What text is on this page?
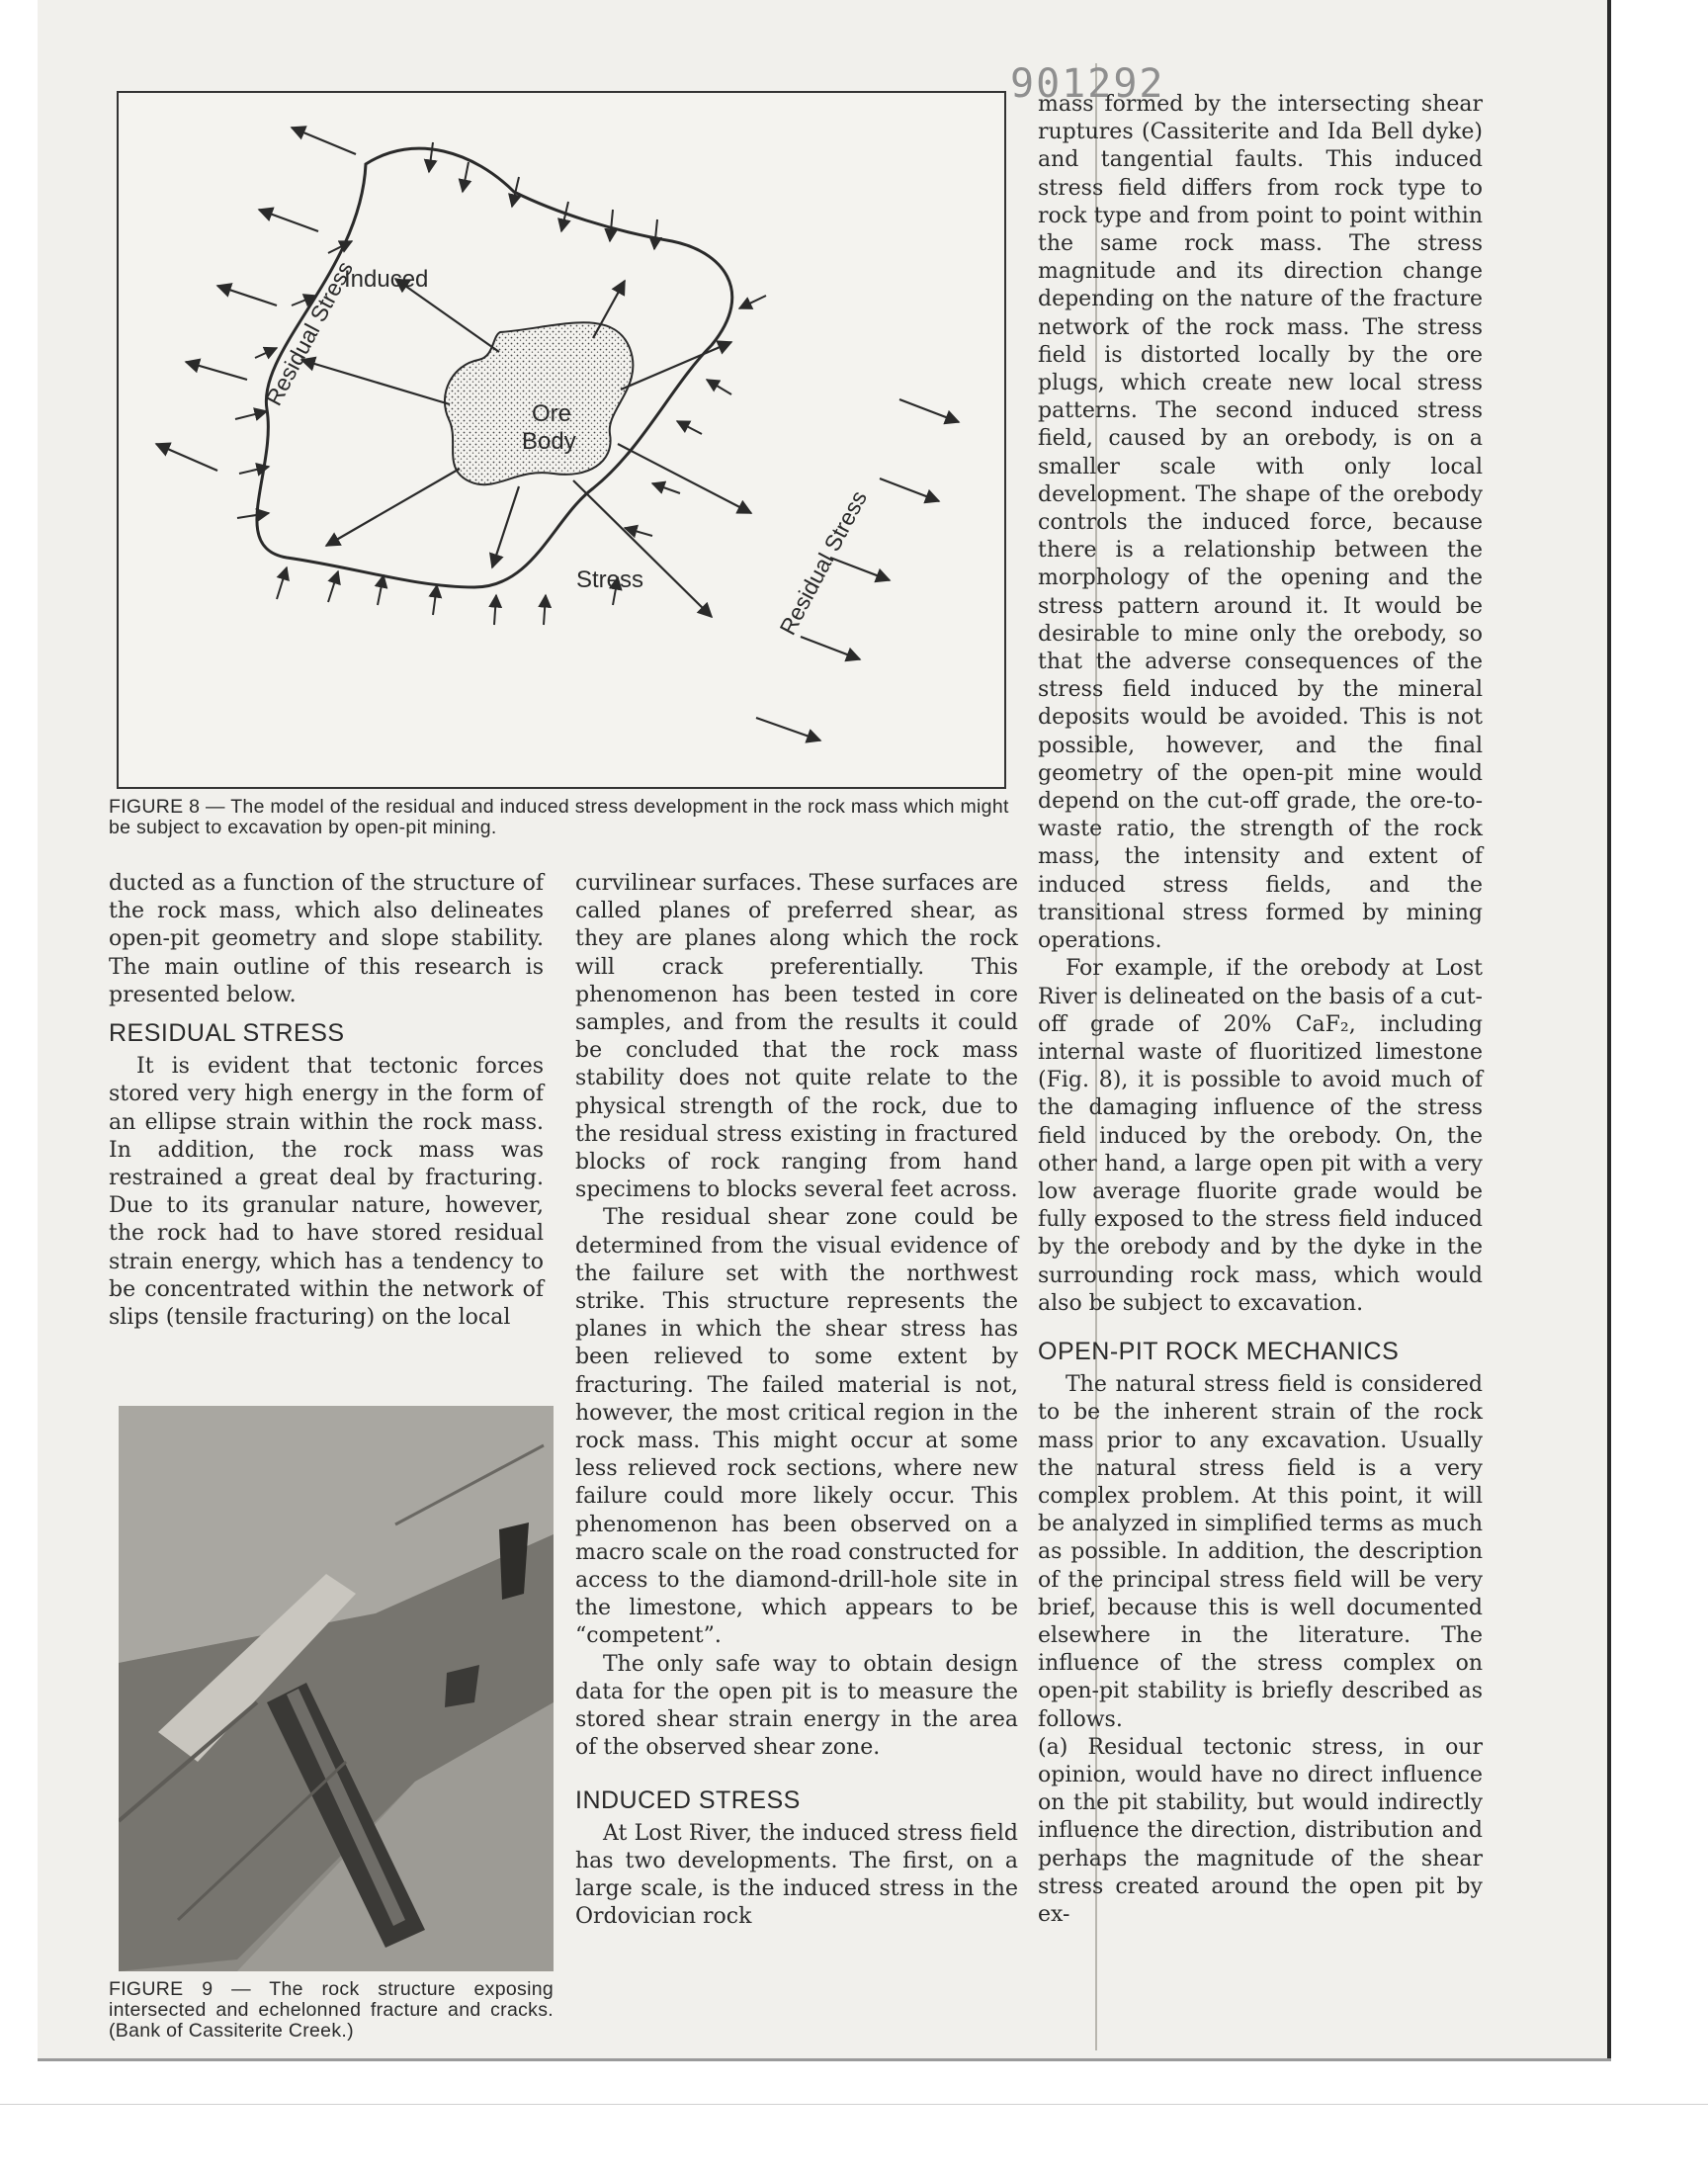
901292
Residual Stress
Residual Stress
Induced
Ore
Body
Stress
FIGURE 8 — The model of the residual and induced stress development in the rock mass which might be subject to excavation by open-pit mining.
FIGURE 9 — The rock structure exposing intersected and echelonned fracture and cracks. (Bank of Cassiterite Creek.)

ducted as a function of the structure of the rock mass, which also delineates open-pit geometry and slope stability. The main outline of this research is presented below.

RESIDUAL STRESS

It is evident that tectonic forces stored very high energy in the form of an ellipse strain within the rock mass. In addition, the rock mass was restrained a great deal by fracturing. Due to its granular nature, however, the rock had to have stored residual strain energy, which has a tendency to be concentrated within the network of slips (tensile fracturing) on the local

curvilinear surfaces. These surfaces are called planes of preferred shear, as they are planes along which the rock will crack preferentially. This phenomenon has been tested in core samples, and from the results it could be concluded that the rock mass stability does not quite relate to the physical strength of the rock, due to the residual stress existing in fractured blocks of rock ranging from hand specimens to blocks several feet across.

The residual shear zone could be determined from the visual evidence of the failure set with the northwest strike. This structure represents the planes in which the shear stress has been relieved to some extent by fracturing. The failed material is not, however, the most critical region in the rock mass. This might occur at some less relieved rock sections, where new failure could more likely occur. This phenomenon has been observed on a macro scale on the road constructed for access to the diamond-drill-hole site in the limestone, which appears to be “competent”.

The only safe way to obtain design data for the open pit is to measure the stored shear strain energy in the area of the observed shear zone.

INDUCED STRESS

At Lost River, the induced stress field has two developments. The first, on a large scale, is the induced stress in the Ordovician rock

mass formed by the intersecting shear ruptures (Cassiterite and Ida Bell dyke) and tangential faults. This induced stress field differs from rock type to rock type and from point to point within the same rock mass. The stress magnitude and its direction change depending on the nature of the fracture network of the rock mass. The stress field is distorted locally by the ore plugs, which create new local stress patterns. The second induced stress field, caused by an orebody, is on a smaller scale with only local development. The shape of the orebody controls the induced force, because there is a relationship between the morphology of the opening and the stress pattern around it. It would be desirable to mine only the orebody, so that the adverse consequences of the stress field induced by the mineral deposits would be avoided. This is not possible, however, and the final geometry of the open-pit mine would depend on the cut-off grade, the ore-to-waste ratio, the strength of the rock mass, the intensity and extent of induced stress fields, and the transitional stress formed by mining operations.

For example, if the orebody at Lost River is delineated on the basis of a cut-off grade of 20% CaF₂, including internal waste of fluoritized limestone (Fig. 8), it is possible to avoid much of the damaging influence of the stress field induced by the orebody. On, the other hand, a large open pit with a very low average fluorite grade would be fully exposed to the stress field induced by the orebody and by the dyke in the surrounding rock mass, which would also be subject to excavation.

OPEN-PIT ROCK MECHANICS

The natural stress field is considered to be the inherent strain of the rock mass prior to any excavation. Usually the natural stress field is a very complex problem. At this point, it will be analyzed in simplified terms as much as possible. In addition, the description of the principal stress field will be very brief, because this is well documented elsewhere in the literature. The influence of the stress complex on open-pit stability is briefly described as follows.

(a) Residual tectonic stress, in our opinion, would have no direct influence on the pit stability, but would indirectly influence the direction, distribution and perhaps the magnitude of the shear stress created around the open pit by ex-
